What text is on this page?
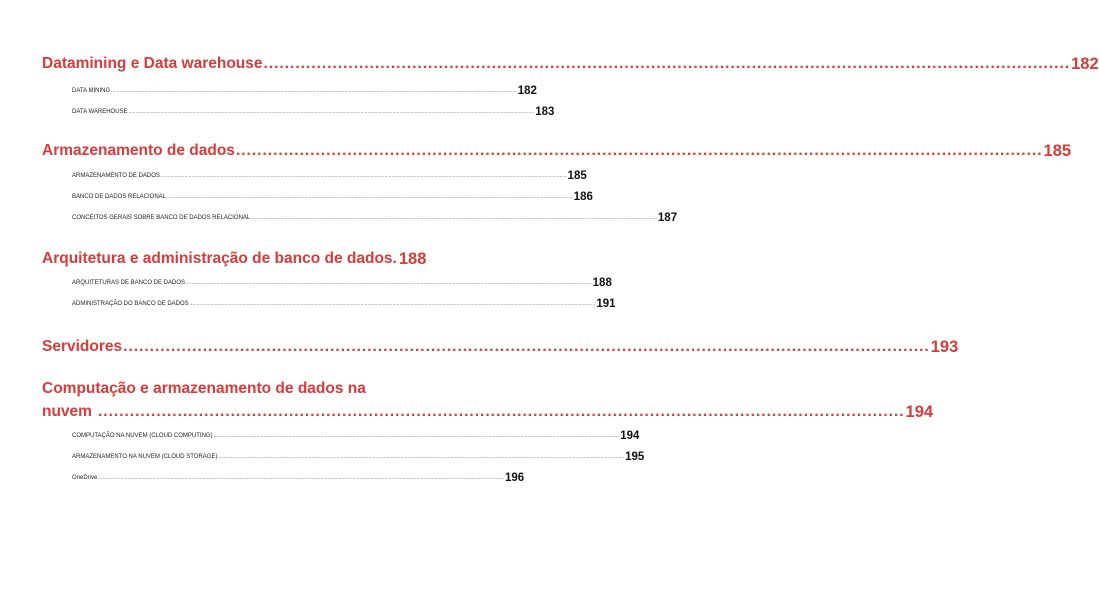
Datamining e Data warehouse .....	182
DATA MINING .....	182
DATA WAREHOUSE .....	183
Armazenamento de dados .....	185
ARMAZENAMENTO DE DADOS .....	185
BANCO DE DADOS RELACIONAL .....	186
CONCEITOS GERAIS SOBRE BANCO DE DADOS RELACIONAL .....	187
Arquitetura e administração de banco de dados. 188
ARQUITETURAS DE BANCO DE DADOS .....	188
ADMINISTRAÇÃO DO BANCO DE DADOS .....	191
Servidores .....	193
Computação e armazenamento de dados na
nuvem .....	194
COMPUTAÇÃO NA NUVEM (CLOUD COMPUTING) .....	194
ARMAZENAMENTO NA NUVEM (CLOUD STORAGE) .....	195
OneDrive .....	196
